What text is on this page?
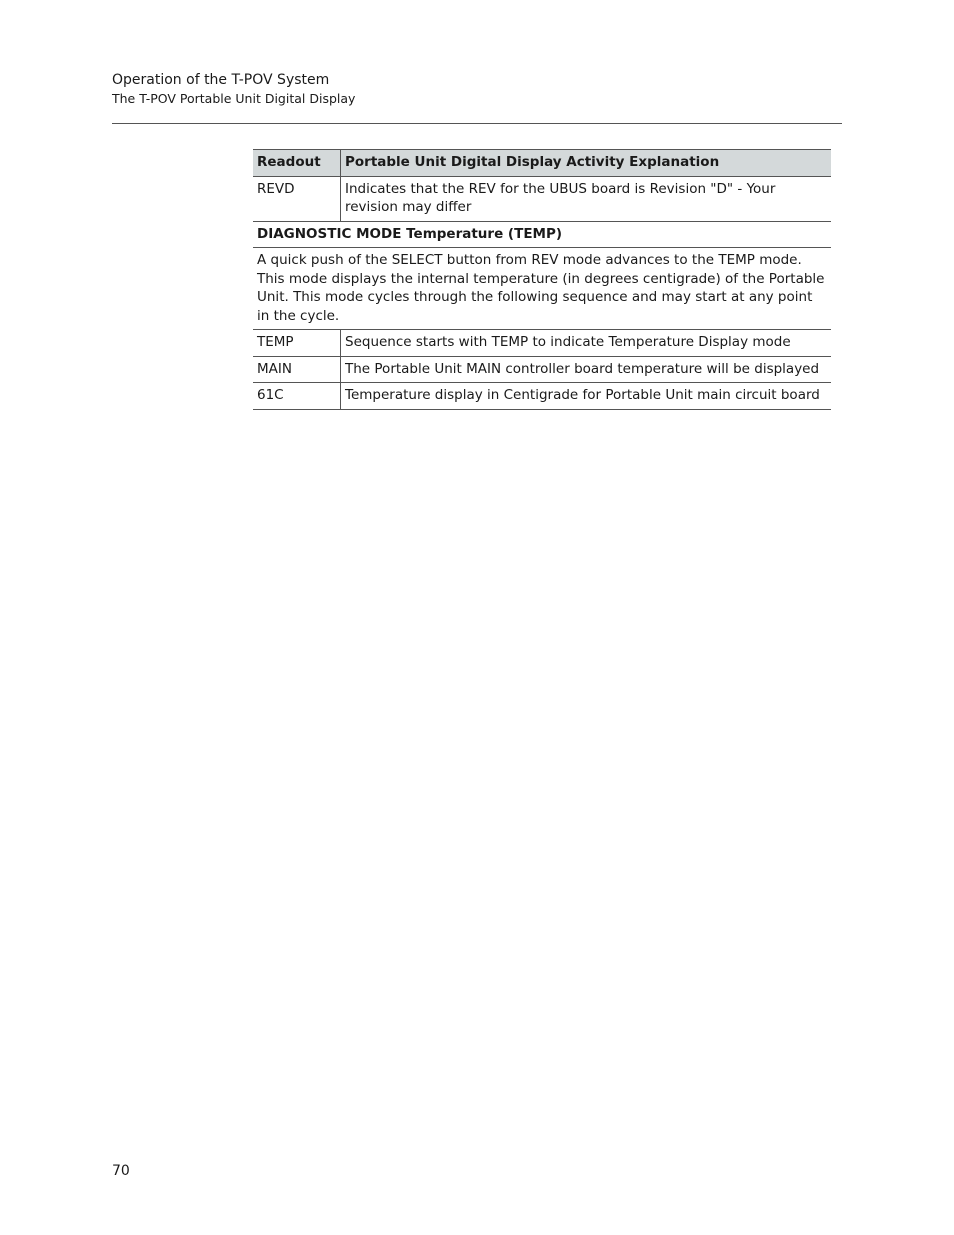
Operation of the T-POV System

The T-POV Portable Unit Digital Display

Readout	Portable Unit Digital Display Activity Explanation
REVD	Indicates that the REV for the UBUS board is Revision "D" - Your revision may differ
DIAGNOSTIC MODE Temperature (TEMP)	
A quick push of the SELECT button from REV mode advances to the TEMP mode. This mode displays the internal temperature (in degrees centigrade) of the Portable Unit. This mode cycles through the following sequence and may start at any point in the cycle.	
TEMP	Sequence starts with TEMP to indicate Temperature Display mode
MAIN	The Portable Unit MAIN controller board temperature will be displayed
61C	Temperature display in Centigrade for Portable Unit main circuit board
70
